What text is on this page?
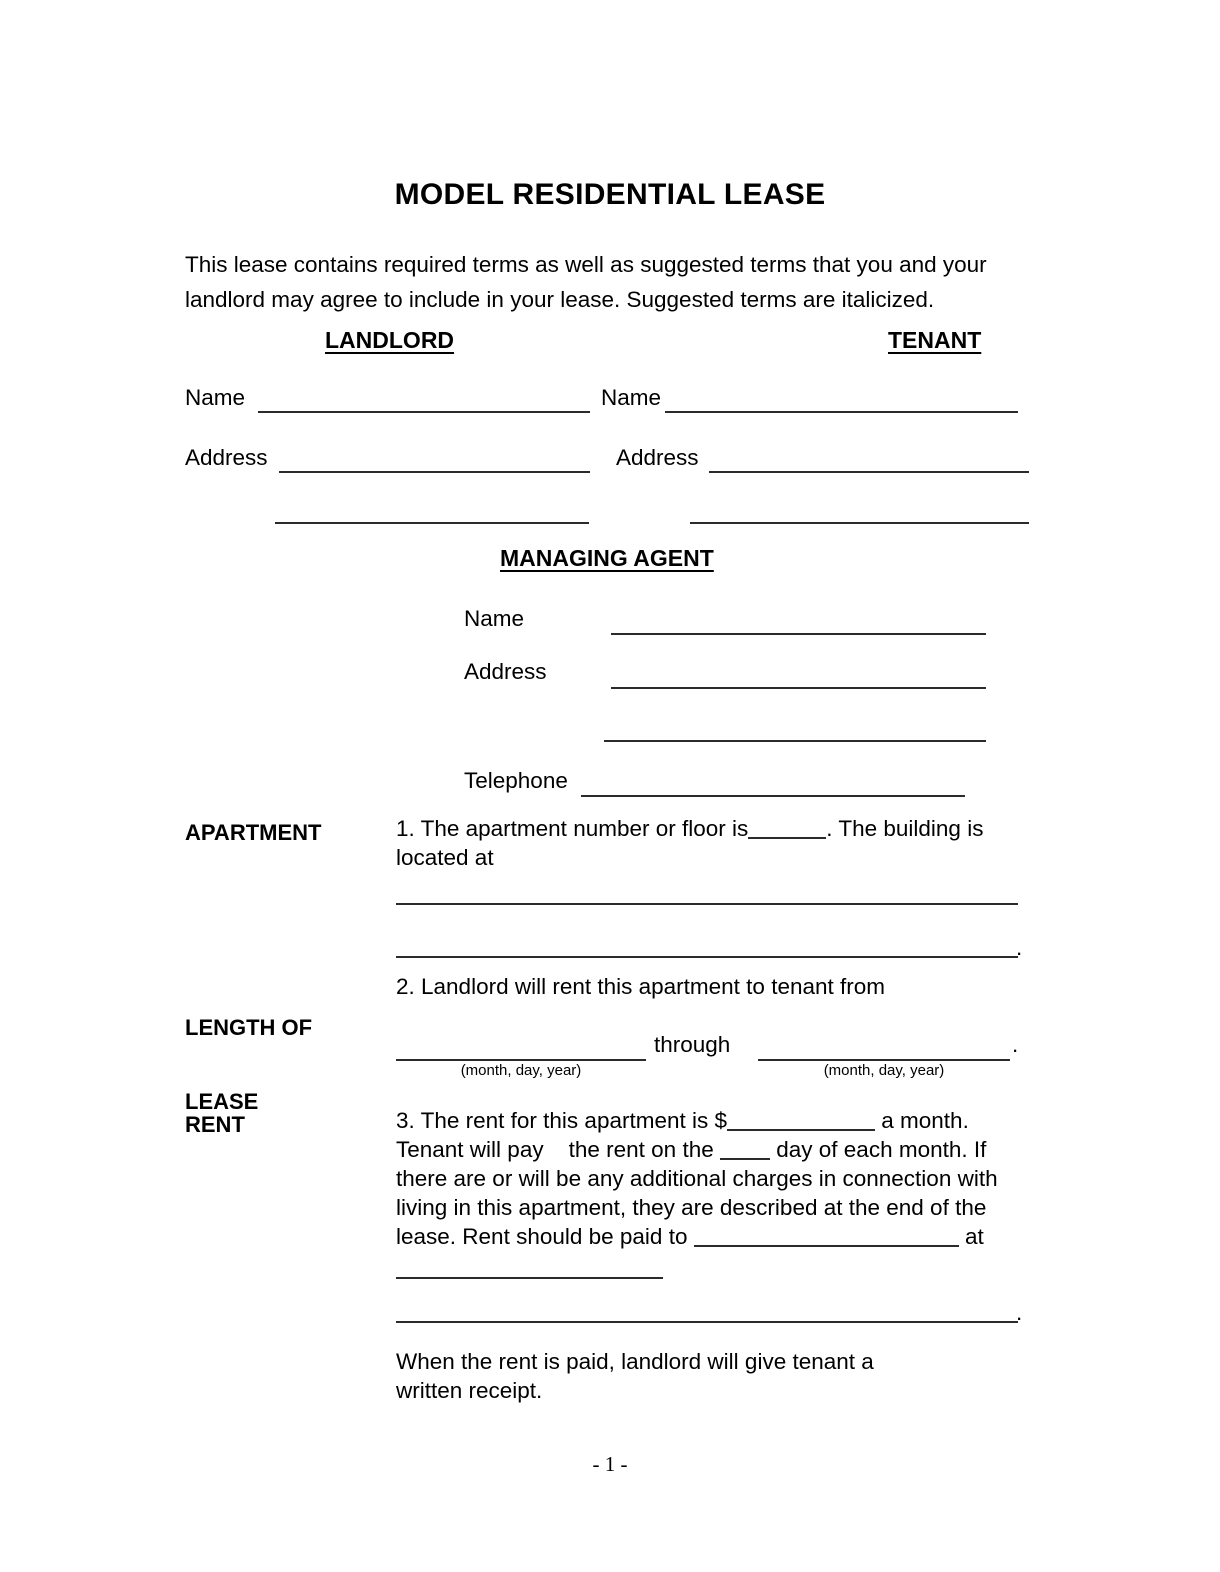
MODEL RESIDENTIAL LEASE
This lease contains required terms as well as suggested terms that you and your landlord may agree to include in your lease. Suggested terms are italicized.
LANDLORD	TENANT
Name	Name
Address	Address
MANAGING AGENT
Name
Address
Telephone
APARTMENT	1. The apartment number or floor is	. The building is
located at
.

LENGTH OF

LEASE

2. Landlord will rent this apartment to tenant from
(month, day, year)
through
(month, day, year)
.
RENT	3. The rent for this apartment is $	a month.
Tenant will pay the rent on the	day of each month. If
there are or will be any additional charges in connection with
living in this apartment, they are described at the end of the
lease. Rent should be paid to	at
.
When the rent is paid, landlord will give tenant a
written receipt.
- 1 -
